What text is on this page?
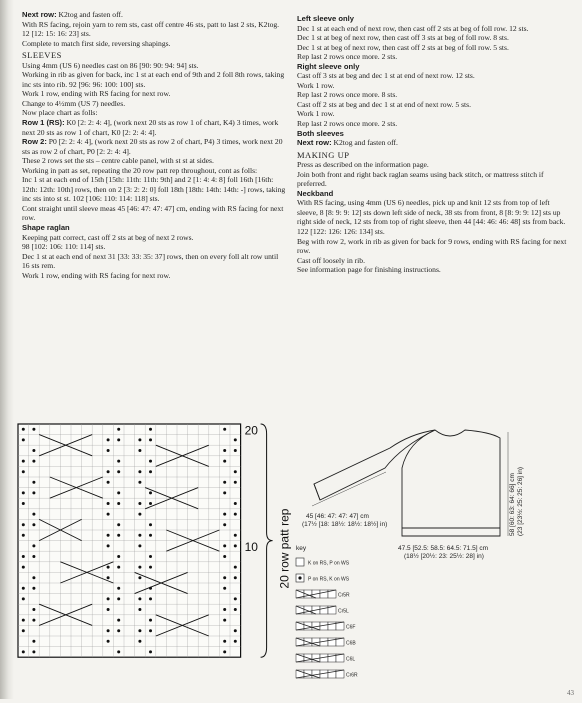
Next row: K2tog and fasten off.

With RS facing, rejoin yarn to rem sts, cast off centre 46 sts, patt to last 2 sts, K2tog. 12 [12: 15: 16: 23] sts.

Complete to match first side, reversing shapings.

SLEEVES

Using 4mm (US 6) needles cast on 86 [90: 90: 94: 94] sts.

Working in rib as given for back, inc 1 st at each end of 9th and 2 foll 8th rows, taking inc sts into rib. 92 [96: 96: 100: 100] sts.

Work 1 row, ending with RS facing for next row.

Change to 4½mm (US 7) needles.

Now place chart as folls:

Row 1 (RS): K0 [2: 2: 4: 4], (work next 20 sts as row 1 of chart, K4) 3 times, work next 20 sts as row 1 of chart, K0 [2: 2: 4: 4].

Row 2: P0 [2: 2: 4: 4], (work next 20 sts as row 2 of chart, P4) 3 times, work next 20 sts as row 2 of chart, P0 [2: 2: 4: 4].

These 2 rows set the sts – centre cable panel, with st st at sides.

Working in patt as set, repeating the 20 row patt rep throughout, cont as folls:

Inc 1 st at each end of 15th [15th: 11th: 11th: 9th] and 2 [1: 4: 4: 8] foll 16th [16th: 12th: 12th: 10th] rows, then on 2 [3: 2: 2: 0] foll 18th [18th: 14th: 14th: -] rows, taking inc sts into st st. 102 [106: 110: 114: 118] sts.

Cont straight until sleeve meas 45 [46: 47: 47: 47] cm, ending with RS facing for next row.

Shape raglan

Keeping patt correct, cast off 2 sts at beg of next 2 rows.

98 [102: 106: 110: 114] sts.

Dec 1 st at each end of next 31 [33: 33: 35: 37] rows, then on every foll alt row until 16 sts rem.

Work 1 row, ending with RS facing for next row.

Left sleeve only

Dec 1 st at each end of next row, then cast off 2 sts at beg of foll row. 12 sts.

Dec 1 st at beg of next row, then cast off 3 sts at beg of foll row. 8 sts.

Dec 1 st at beg of next row, then cast off 2 sts at beg of foll row. 5 sts.

Rep last 2 rows once more. 2 sts.

Right sleeve only

Cast off 3 sts at beg and dec 1 st at end of next row. 12 sts.

Work 1 row.

Rep last 2 rows once more. 8 sts.

Cast off 2 sts at beg and dec 1 st at end of next row. 5 sts.

Work 1 row.

Rep last 2 rows once more. 2 sts.

Both sleeves

Next row: K2tog and fasten off.

MAKING UP

Press as described on the information page.

Join both front and right back raglan seams using back stitch, or mattress stitch if preferred.

Neckband

With RS facing, using 4mm (US 6) needles, pick up and knit 12 sts from top of left sleeve, 8 [8: 9: 9: 12] sts down left side of neck, 38 sts from front, 8 [8: 9: 9: 12] sts up right side of neck, 12 sts from top of right sleeve, then 44 [44: 46: 46: 48] sts from back.

122 [122: 126: 126: 134] sts.

Beg with row 2, work in rib as given for back for 9 rows, ending with RS facing for next row.

Cast off loosely in rib.

See information page for finishing instructions.

20
10 20 row patt rep 45 [46: 47: 47: 47] cm
(17½ [18: 18½: 18½: 18½] in)	58 [60: 63: 64: 66] cm (23 [23½: 25: 25: 26] in)
47.5 [52.5: 58.5: 64.5: 71.5] cm
(18½ [20½: 23: 25½: 28] in)
key
K on RS, P on WS
P on RS, K on WS
Cr5R
Cr5L
C6F
C6B
C6L
Cr6R
43
